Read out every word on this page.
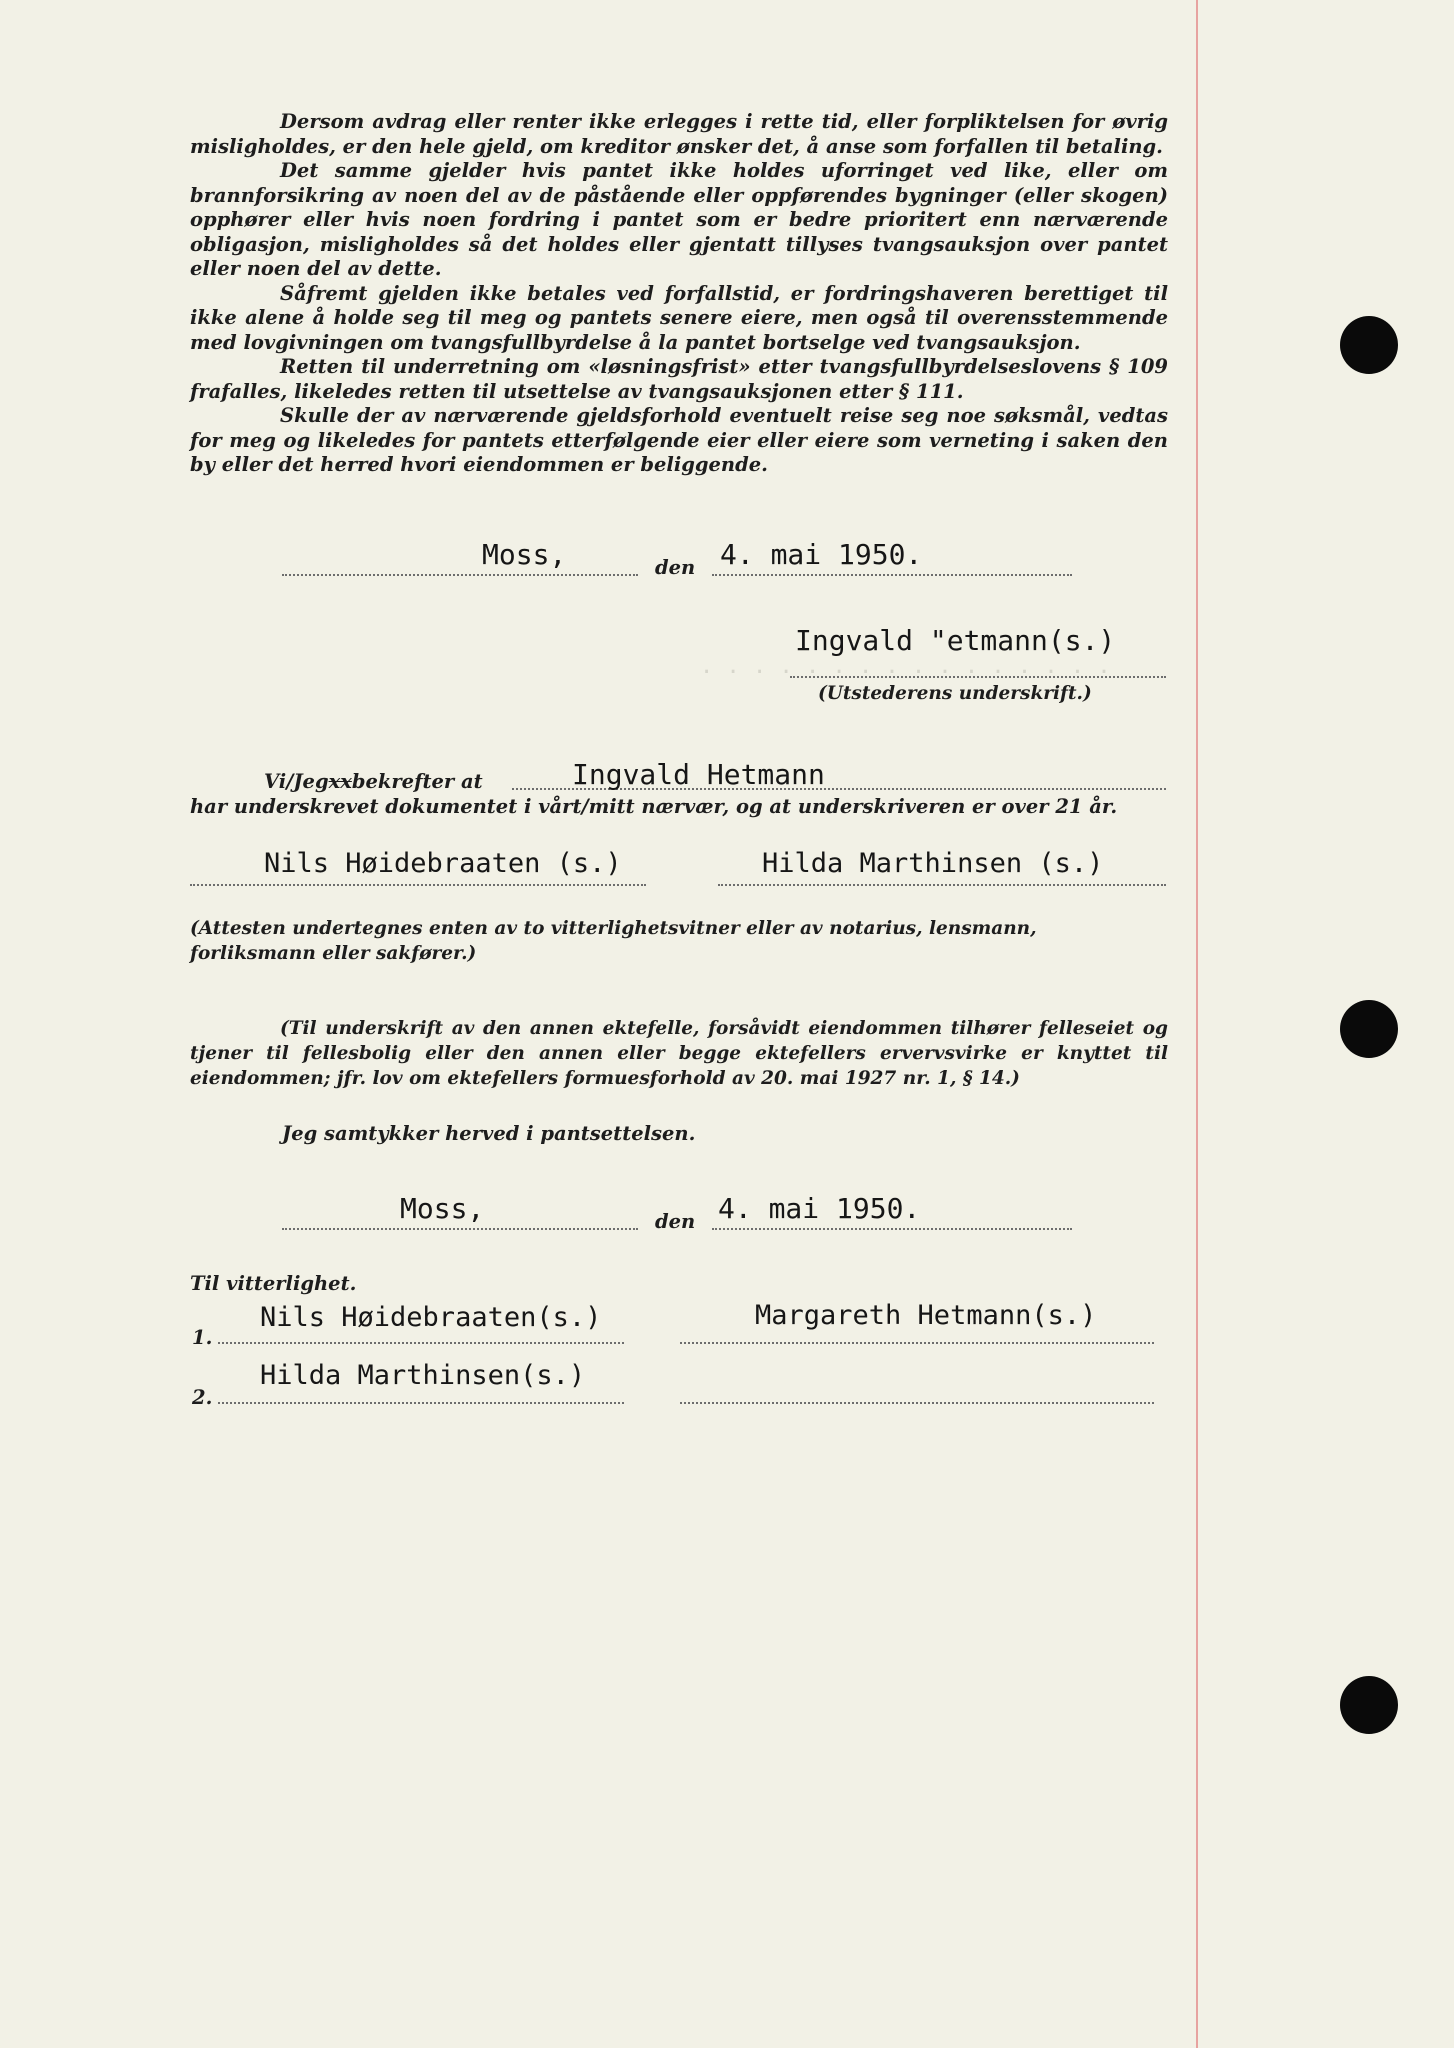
· · · · · · · · · · · · · · · ·

Dersom avdrag eller renter ikke erlegges i rette tid, eller forpliktelsen for øvrig misligholdes, er den hele gjeld, om kreditor ønsker det, å anse som forfallen til betaling.

Det samme gjelder hvis pantet ikke holdes uforringet ved like, eller om brannforsikring av noen del av de påstående eller oppførendes bygninger (eller skogen) opphører eller hvis noen fordring i pantet som er bedre prioritert enn nærværende obligasjon, misligholdes så det holdes eller gjentatt tillyses tvangsauksjon over pantet eller noen del av dette.

Såfremt gjelden ikke betales ved forfallstid, er fordringshaveren berettiget til ikke alene å holde seg til meg og pantets senere eiere, men også til overensstemmende med lovgivningen om tvangsfullbyrdelse å la pantet bortselge ved tvangsauksjon.

Retten til underretning om «løsningsfrist» etter tvangsfullbyrdelseslovens § 109 frafalles, likeledes retten til utsettelse av tvangsauksjonen etter § 111.

Skulle der av nærværende gjeldsforhold eventuelt reise seg noe søksmål, vedtas for meg og likeledes for pantets etterfølgende eier eller eiere som verneting i saken den by eller det herred hvori eiendommen er beliggende.

Moss,	den 4. mai 1950.
Ingvald "etmann(s.)
(Utstederens underskrift.)
Vi/Jegxxbekrefter at	Ingvald Hetmann
har underskrevet dokumentet i vårt/mitt nærvær, og at underskriveren er over 21 år.
Nils Høidebraaten (s.)	Hilda Marthinsen (s.)

(Attesten undertegnes enten av to vitterlighetsvitner eller av notarius, lensmann, forliksmann eller sakfører.)

(Til underskrift av den annen ektefelle, forsåvidt eiendommen tilhører felleseiet og tjener til fellesbolig eller den annen eller begge ektefellers ervervsvirke er knyttet til eiendommen; jfr. lov om ektefellers formuesforhold av 20. mai 1927 nr. 1, § 14.)

Jeg samtykker herved i pantsettelsen.
Moss,	den 4. mai 1950.
Til vitterlighet.
1.
Nils Høidebraaten(s.)	Margareth Hetmann(s.)
2.
Hilda Marthinsen(s.)
